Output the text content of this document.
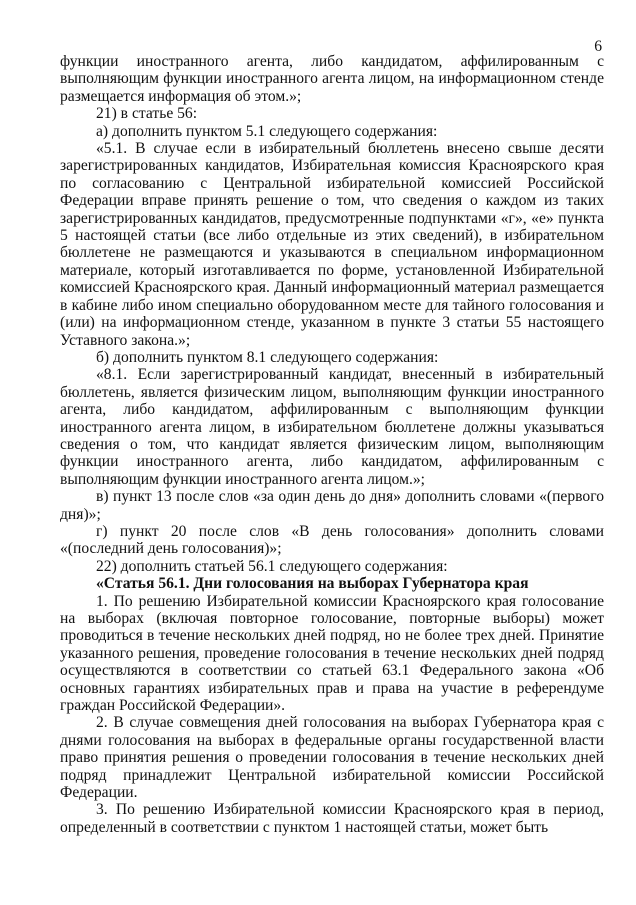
6

функции иностранного агента, либо кандидатом, аффилированным с выполняющим функции иностранного агента лицом, на информационном стенде размещается информация об этом.»;

21) в статье 56:

а) дополнить пунктом 5.1 следующего содержания:

«5.1. В случае если в избирательный бюллетень внесено свыше десяти зарегистрированных кандидатов, Избирательная комиссия Красноярского края по согласованию с Центральной избирательной комиссией Российской Федерации вправе принять решение о том, что сведения о каждом из таких зарегистрированных кандидатов, предусмотренные подпунктами «г», «е» пункта 5 настоящей статьи (все либо отдельные из этих сведений), в избирательном бюллетене не размещаются и указываются в специальном информационном материале, который изготавливается по форме, установленной Избирательной комиссией Красноярского края. Данный информационный материал размещается в кабине либо ином специально оборудованном месте для тайного голосования и (или) на информационном стенде, указанном в пункте 3 статьи 55 настоящего Уставного закона.»;

б) дополнить пунктом 8.1 следующего содержания:

«8.1. Если зарегистрированный кандидат, внесенный в избирательный бюллетень, является физическим лицом, выполняющим функции иностранного агента, либо кандидатом, аффилированным с выполняющим функции иностранного агента лицом, в избирательном бюллетене должны указываться сведения о том, что кандидат является физическим лицом, выполняющим функции иностранного агента, либо кандидатом, аффилированным с выполняющим функции иностранного агента лицом.»;

в) пункт 13 после слов «за один день до дня» дополнить словами «(первого дня)»;

г) пункт 20 после слов «В день голосования» дополнить словами «(последний день голосования)»;

22) дополнить статьей 56.1 следующего содержания:

«Статья 56.1. Дни голосования на выборах Губернатора края

1. По решению Избирательной комиссии Красноярского края голосование на выборах (включая повторное голосование, повторные выборы) может проводиться в течение нескольких дней подряд, но не более трех дней. Принятие указанного решения, проведение голосования в течение нескольких дней подряд осуществляются в соответствии со статьей 63.1 Федерального закона «Об основных гарантиях избирательных прав и права на участие в референдуме граждан Российской Федерации».

2. В случае совмещения дней голосования на выборах Губернатора края с днями голосования на выборах в федеральные органы государственной власти право принятия решения о проведении голосования в течение нескольких дней подряд принадлежит Центральной избирательной комиссии Российской Федерации.

3. По решению Избирательной комиссии Красноярского края в период, определенный в соответствии с пунктом 1 настоящей статьи, может быть
